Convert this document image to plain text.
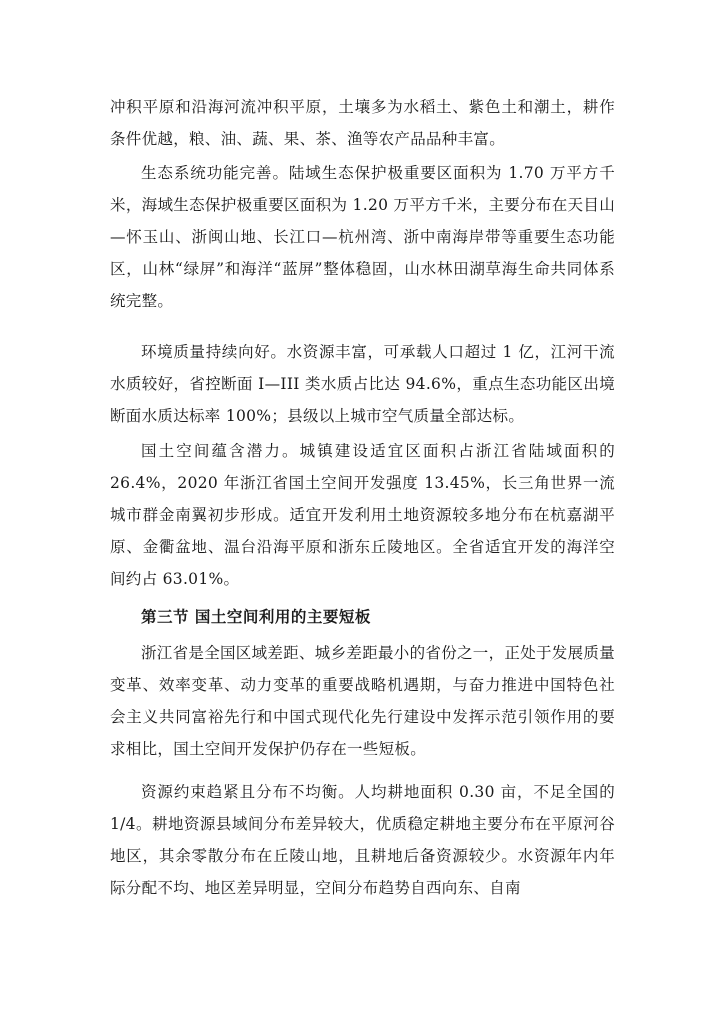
冲积平原和沿海河流冲积平原，土壤多为水稻土、紫色土和潮土，耕作条件优越，粮、油、蔬、果、茶、渔等农产品品种丰富。

生态系统功能完善。陆域生态保护极重要区面积为 1.70 万平方千米，海域生态保护极重要区面积为 1.20 万平方千米，主要分布在天目山—怀玉山、浙闽山地、长江口—杭州湾、浙中南海岸带等重要生态功能区，山林“绿屏”和海洋“蓝屏”整体稳固，山水林田湖草海生命共同体系统完整。

环境质量持续向好。水资源丰富，可承载人口超过 1 亿，江河干流水质较好，省控断面 I—III 类水质占比达 94.6%，重点生态功能区出境断面水质达标率 100%；县级以上城市空气质量全部达标。

国土空间蕴含潜力。城镇建设适宜区面积占浙江省陆域面积的 26.4%，2020 年浙江省国土空间开发强度 13.45%，长三角世界一流城市群金南翼初步形成。适宜开发利用土地资源较多地分布在杭嘉湖平原、金衢盆地、温台沿海平原和浙东丘陵地区。全省适宜开发的海洋空间约占 63.01%。

第三节 国土空间利用的主要短板

浙江省是全国区域差距、城乡差距最小的省份之一，正处于发展质量变革、效率变革、动力变革的重要战略机遇期，与奋力推进中国特色社会主义共同富裕先行和中国式现代化先行建设中发挥示范引领作用的要求相比，国土空间开发保护仍存在一些短板。

资源约束趋紧且分布不均衡。人均耕地面积 0.30 亩，不足全国的 1/4。耕地资源县域间分布差异较大，优质稳定耕地主要分布在平原河谷地区，其余零散分布在丘陵山地，且耕地后备资源较少。水资源年内年际分配不均、地区差异明显，空间分布趋势自西向东、自南
